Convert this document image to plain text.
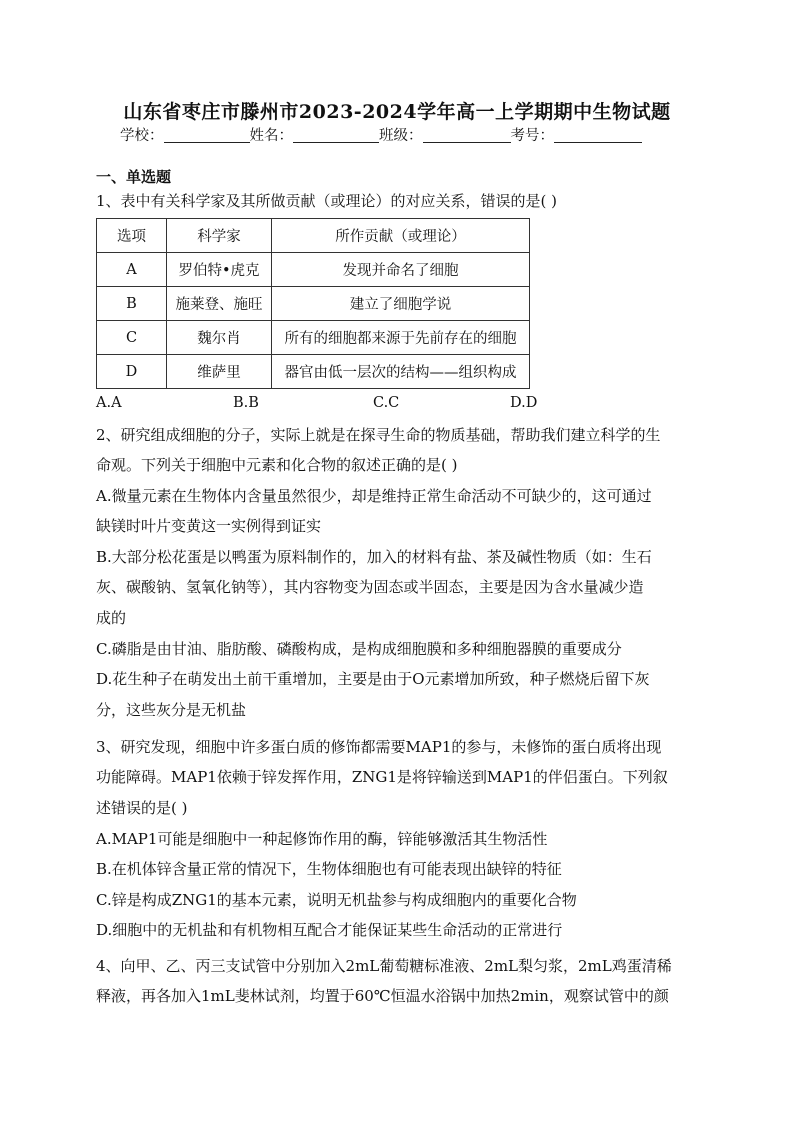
山东省枣庄市滕州市2023-2024学年高一上学期期中生物试题
学校：	姓名：	班级：	考号：
一、单选题
1、表中有关科学家及其所做贡献（或理论）的对应关系，错误的是( )
选项	科学家	所作贡献（或理论）
A	罗伯特•虎克	发现并命名了细胞
B	施莱登、施旺	建立了细胞学说
C	魏尔肖	所有的细胞都来源于先前存在的细胞
D	维萨里	器官由低一层次的结构——组织构成
A.A	B.B	C.C	D.D
2、研究组成细胞的分子，实际上就是在探寻生命的物质基础，帮助我们建立科学的生
命观。下列关于细胞中元素和化合物的叙述正确的是( )
A.微量元素在生物体内含量虽然很少，却是维持正常生命活动不可缺少的，这可通过
缺镁时叶片变黄这一实例得到证实
B.大部分松花蛋是以鸭蛋为原料制作的，加入的材料有盐、茶及碱性物质（如：生石
灰、碳酸钠、氢氧化钠等），其内容物变为固态或半固态，主要是因为含水量减少造
成的
C.磷脂是由甘油、脂肪酸、磷酸构成，是构成细胞膜和多种细胞器膜的重要成分
D.花生种子在萌发出土前干重增加，主要是由于O元素增加所致，种子燃烧后留下灰
分，这些灰分是无机盐
3、研究发现，细胞中许多蛋白质的修饰都需要MAP1的参与，未修饰的蛋白质将出现
功能障碍。MAP1依赖于锌发挥作用，ZNG1是将锌输送到MAP1的伴侣蛋白。下列叙
述错误的是( )
A.MAP1可能是细胞中一种起修饰作用的酶，锌能够激活其生物活性
B.在机体锌含量正常的情况下，生物体细胞也有可能表现出缺锌的特征
C.锌是构成ZNG1的基本元素，说明无机盐参与构成细胞内的重要化合物
D.细胞中的无机盐和有机物相互配合才能保证某些生命活动的正常进行
4、向甲、乙、丙三支试管中分别加入2mL葡萄糖标准液、2mL梨匀浆，2mL鸡蛋清稀
释液，再各加入1mL斐林试剂，均置于60℃恒温水浴锅中加热2min，观察试管中的颜
